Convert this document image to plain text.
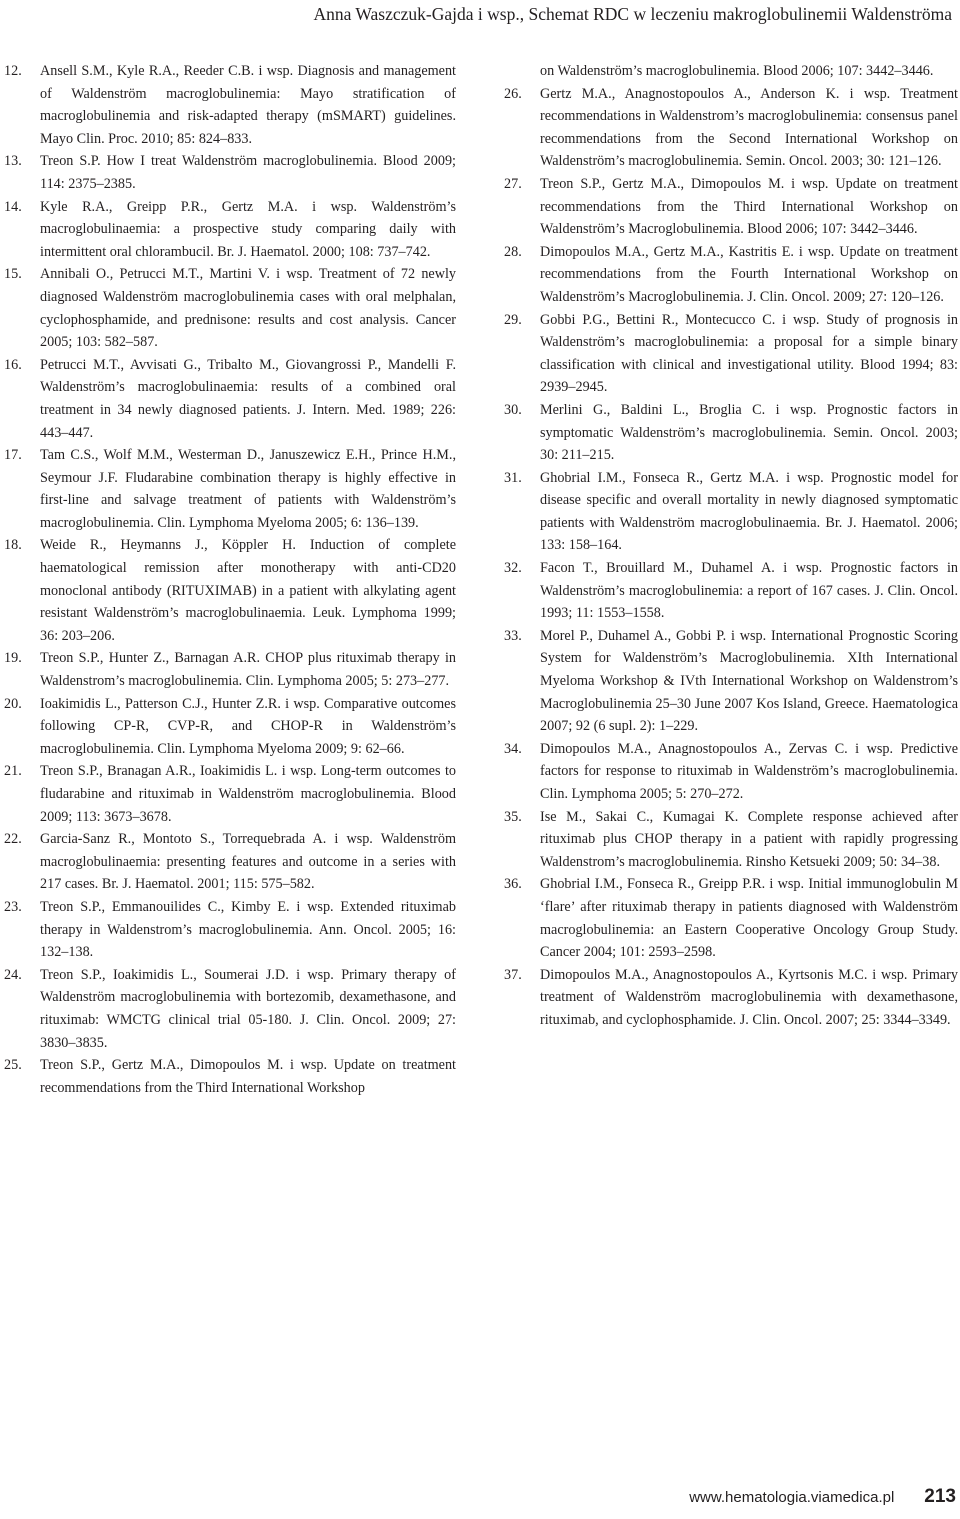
Anna Waszczuk-Gajda i wsp., Schemat RDC w leczeniu makroglobulinemii Waldenströma

12. Ansell S.M., Kyle R.A., Reeder C.B. i wsp. Diagnosis and management of Waldenström macroglobulinemia: Mayo stratification of macroglobulinemia and risk-adapted therapy (mSMART) guidelines. Mayo Clin. Proc. 2010; 85: 824–833.

13. Treon S.P. How I treat Waldenström macroglobulinemia. Blood 2009; 114: 2375–2385.

14. Kyle R.A., Greipp P.R., Gertz M.A. i wsp. Waldenström’s macroglobulinaemia: a prospective study comparing daily with intermittent oral chlorambucil. Br. J. Haematol. 2000; 108: 737–742.

15. Annibali O., Petrucci M.T., Martini V. i wsp. Treatment of 72 newly diagnosed Waldenström macroglobulinemia cases with oral melphalan, cyclophosphamide, and prednisone: results and cost analysis. Cancer 2005; 103: 582–587.

16. Petrucci M.T., Avvisati G., Tribalto M., Giovangrossi P., Mandelli F. Waldenström’s macroglobulinaemia: results of a combined oral treatment in 34 newly diagnosed patients. J. Intern. Med. 1989; 226: 443–447.

17. Tam C.S., Wolf M.M., Westerman D., Januszewicz E.H., Prince H.M., Seymour J.F. Fludarabine combination therapy is highly effective in first-line and salvage treatment of patients with Waldenström’s macroglobulinemia. Clin. Lymphoma Myeloma 2005; 6: 136–139.

18. Weide R., Heymanns J., Köppler H. Induction of complete haematological remission after monotherapy with anti-CD20 monoclonal antibody (RITUXIMAB) in a patient with alkylating agent resistant Waldenström’s macroglobulinaemia. Leuk. Lymphoma 1999; 36: 203–206.

19. Treon S.P., Hunter Z., Barnagan A.R. CHOP plus rituximab therapy in Waldenstrom’s macroglobulinemia. Clin. Lymphoma 2005; 5: 273–277.

20. Ioakimidis L., Patterson C.J., Hunter Z.R. i wsp. Comparative outcomes following CP-R, CVP-R, and CHOP-R in Waldenström’s macroglobulinemia. Clin. Lymphoma Myeloma 2009; 9: 62–66.

21. Treon S.P., Branagan A.R., Ioakimidis L. i wsp. Long-term outcomes to fludarabine and rituximab in Waldenström macroglobulinemia. Blood 2009; 113: 3673–3678.

22. Garcia-Sanz R., Montoto S., Torrequebrada A. i wsp. Waldenström macroglobulinaemia: presenting features and outcome in a series with 217 cases. Br. J. Haematol. 2001; 115: 575–582.

23. Treon S.P., Emmanouilides C., Kimby E. i wsp. Extended rituximab therapy in Waldenstrom’s macroglobulinemia. Ann. Oncol. 2005; 16: 132–138.

24. Treon S.P., Ioakimidis L., Soumerai J.D. i wsp. Primary therapy of Waldenström macroglobulinemia with bortezomib, dexamethasone, and rituximab: WMCTG clinical trial 05-180. J. Clin. Oncol. 2009; 27: 3830–3835.

25. Treon S.P., Gertz M.A., Dimopoulos M. i wsp. Update on treatment recommendations from the Third International Workshop

on Waldenström’s macroglobulinemia. Blood 2006; 107: 3442–3446.

26. Gertz M.A., Anagnostopoulos A., Anderson K. i wsp. Treatment recommendations in Waldenstrom’s macroglobulinemia: consensus panel recommendations from the Second International Workshop on Waldenström’s macroglobulinemia. Semin. Oncol. 2003; 30: 121–126.

27. Treon S.P., Gertz M.A., Dimopoulos M. i wsp. Update on treatment recommendations from the Third International Workshop on Waldenström’s Macroglobulinemia. Blood 2006; 107: 3442–3446.

28. Dimopoulos M.A., Gertz M.A., Kastritis E. i wsp. Update on treatment recommendations from the Fourth International Workshop on Waldenström’s Macroglobulinemia. J. Clin. Oncol. 2009; 27: 120–126.

29. Gobbi P.G., Bettini R., Montecucco C. i wsp. Study of prognosis in Waldenström’s macroglobulinemia: a proposal for a simple binary classification with clinical and investigational utility. Blood 1994; 83: 2939–2945.

30. Merlini G., Baldini L., Broglia C. i wsp. Prognostic factors in symptomatic Waldenström’s macroglobulinemia. Semin. Oncol. 2003; 30: 211–215.

31. Ghobrial I.M., Fonseca R., Gertz M.A. i wsp. Prognostic model for disease specific and overall mortality in newly diagnosed symptomatic patients with Waldenström macroglobulinaemia. Br. J. Haematol. 2006; 133: 158–164.

32. Facon T., Brouillard M., Duhamel A. i wsp. Prognostic factors in Waldenström’s macroglobulinemia: a report of 167 cases. J. Clin. Oncol. 1993; 11: 1553–1558.

33. Morel P., Duhamel A., Gobbi P. i wsp. International Prognostic Scoring System for Waldenström’s Macroglobulinemia. XIth International Myeloma Workshop & IVth International Workshop on Waldenstrom’s Macroglobulinemia 25–30 June 2007 Kos Island, Greece. Haematologica 2007; 92 (6 supl. 2): 1–229.

34. Dimopoulos M.A., Anagnostopoulos A., Zervas C. i wsp. Predictive factors for response to rituximab in Waldenström’s macroglobulinemia. Clin. Lymphoma 2005; 5: 270–272.

35. Ise M., Sakai C., Kumagai K. Complete response achieved after rituximab plus CHOP therapy in a patient with rapidly progressing Waldenstrom’s macroglobulinemia. Rinsho Ketsueki 2009; 50: 34–38.

36. Ghobrial I.M., Fonseca R., Greipp P.R. i wsp. Initial immunoglobulin M ‘flare’ after rituximab therapy in patients diagnosed with Waldenström macroglobulinemia: an Eastern Cooperative Oncology Group Study. Cancer 2004; 101: 2593–2598.

37. Dimopoulos M.A., Anagnostopoulos A., Kyrtsonis M.C. i wsp. Primary treatment of Waldenström macroglobulinemia with dexamethasone, rituximab, and cyclophosphamide. J. Clin. Oncol. 2007; 25: 3344–3349.

www.hematologia.viamedica.pl 213
